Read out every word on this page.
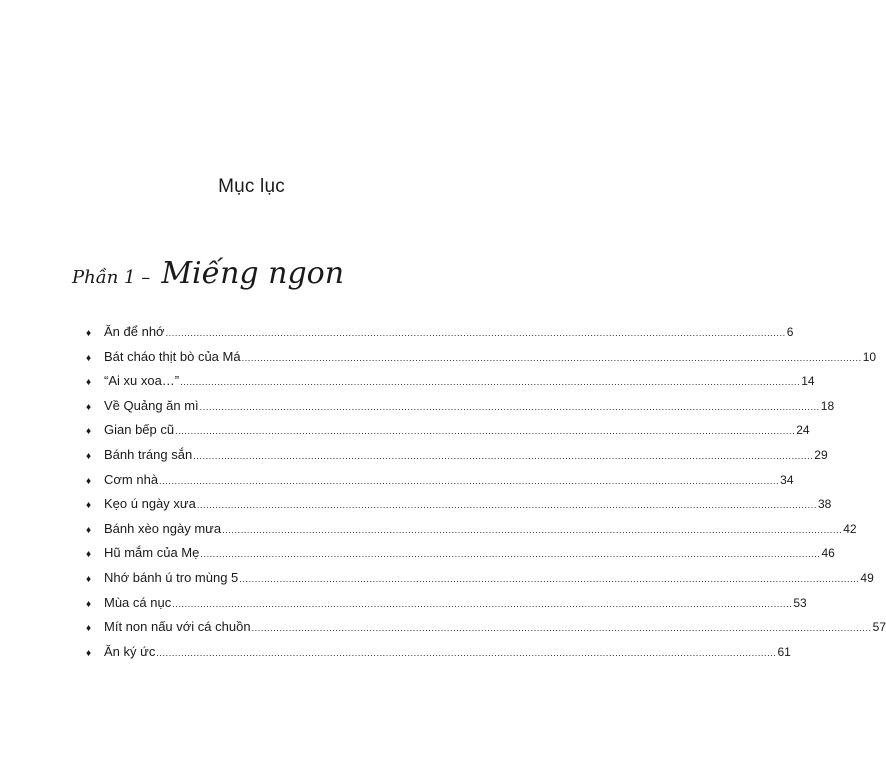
Mục lục
Phần 1 – Miếng ngon
♦ Ăn để nhớ ........................................................................................................................................................................................................ 6
♦ Bát cháo thịt bò của Má ........................................................................................................................................................................................................ 10
♦ “Ai xu xoa…” ........................................................................................................................................................................................................ 14
♦ Về Quảng ăn mì ........................................................................................................................................................................................................ 18
♦ Gian bếp cũ ........................................................................................................................................................................................................ 24
♦ Bánh tráng sắn ........................................................................................................................................................................................................ 29
♦ Cơm nhà ........................................................................................................................................................................................................ 34
♦ Kẹo ú ngày xưa ........................................................................................................................................................................................................ 38
♦ Bánh xèo ngày mưa ........................................................................................................................................................................................................ 42
♦ Hũ mắm của Mẹ ........................................................................................................................................................................................................ 46
♦ Nhớ bánh ú tro mùng 5 ........................................................................................................................................................................................................ 49
♦ Mùa cá nục ........................................................................................................................................................................................................ 53
♦ Mít non nấu với cá chuồn ........................................................................................................................................................................................................ 57
♦ Ăn ký ức ........................................................................................................................................................................................................ 61
